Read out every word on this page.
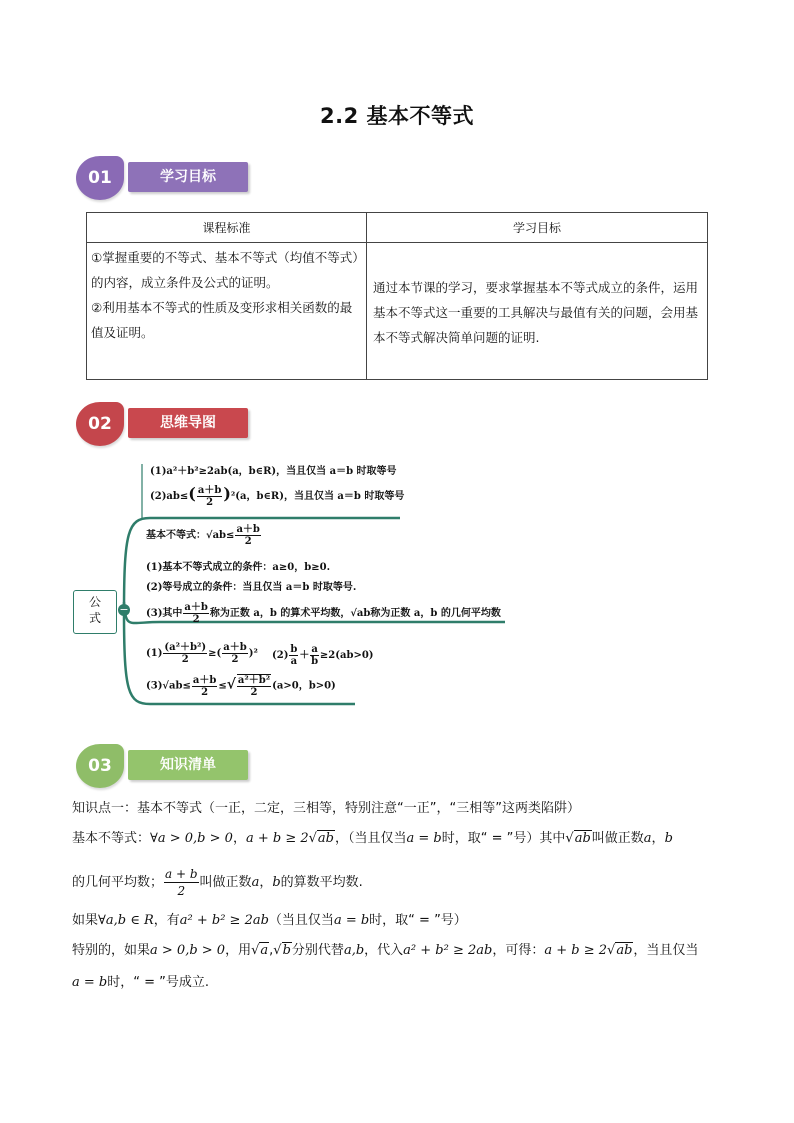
2.2 基本不等式
01	学习目标
课程标准	学习目标

①掌握重要的不等式、基本不等式（均值不等式）的内容，成立条件及公式的证明。

②利用基本不等式的性质及变形求相关函数的最值及证明。	通过本节课的学习，要求掌握基本不等式成立的条件，运用基本不等式这一重要的工具解决与最值有关的问题，会用基本不等式解决简单问题的证明.
02	思维导图
(1)a²＋b²≥2ab(a，b∈R)，当且仅当 a＝b 时取等号
$(2)ab\le( \frac{a+b}{2} )^2(a$，b∈R)，当且仅当 a＝b 时取等号
基本不等式：$√ab\le \frac{a+b}{2}$
(1)基本不等式成立的条件：a≥0，b≥0.
(2)等号成立的条件：当且仅当 a＝b 时取等号.
(3)其中 $\frac{a+b}{2}$ 称为正数 a，b 的算术平均数，√ab称为正数 a，b 的几何平均数
$(1) \frac{\text{(a²＋b²)}}{2}$ ≥( $\frac{a+b}{2} )^2$ $(2) \frac{b}{a} + \frac{a}{b} \ge 2(ab>0)$
$(3)√ab\le \frac{a+b}{2}$ ≤√ $\frac{\text{a²＋b²}}{2} (a>0$，b>0)
公式
−
03	知识清单
知识点一：基本不等式（一正，二定，三相等，特别注意“一正”，“三相等”这两类陷阱）
基本不等式：∀a > 0,b > 0，a + b ≥ 2√ab，（当且仅当a = b时，取“ = ”号）其中√ab叫做正数a，b
的几何平均数； $\frac{a + b}{2}$ 叫做正数a，b的算数平均数.
如果∀a,b ∈ R，有a² + b² ≥ 2ab（当且仅当a = b时，取“ = ”号）
特别的，如果a > 0,b > 0，用√a,√b分别代替a,b，代入a² + b² ≥ 2ab，可得：a + b ≥ 2√ab，当且仅当
a = b时，“ = ”号成立.
